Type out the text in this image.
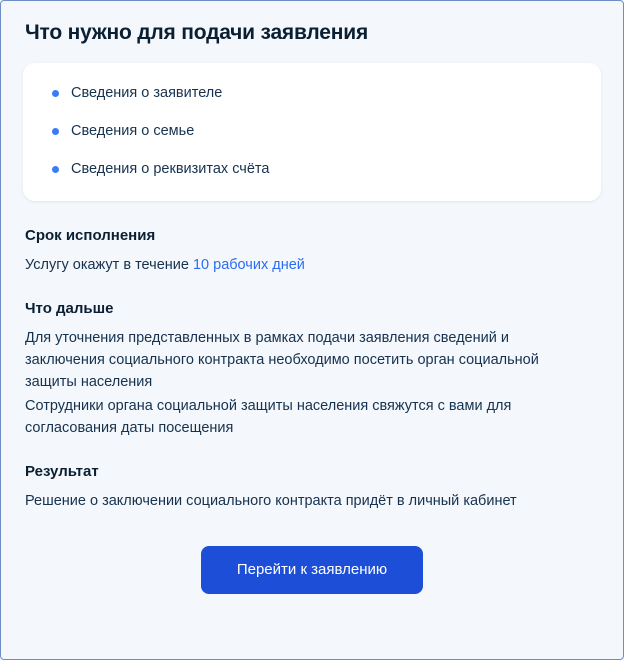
Что нужно для подачи заявления
Сведения о заявителе
Сведения о семье
Сведения о реквизитах счёта
Срок исполнения

Услугу окажут в течение 10 рабочих дней

Что дальше

Для уточнения представленных в рамках подачи заявления сведений и заключения социального контракта необходимо посетить орган социальной защиты населения

Сотрудники органа социальной защиты населения свяжутся с вами для согласования даты посещения

Результат

Решение о заключении социального контракта придёт в личный кабинет

Перейти к заявлению
